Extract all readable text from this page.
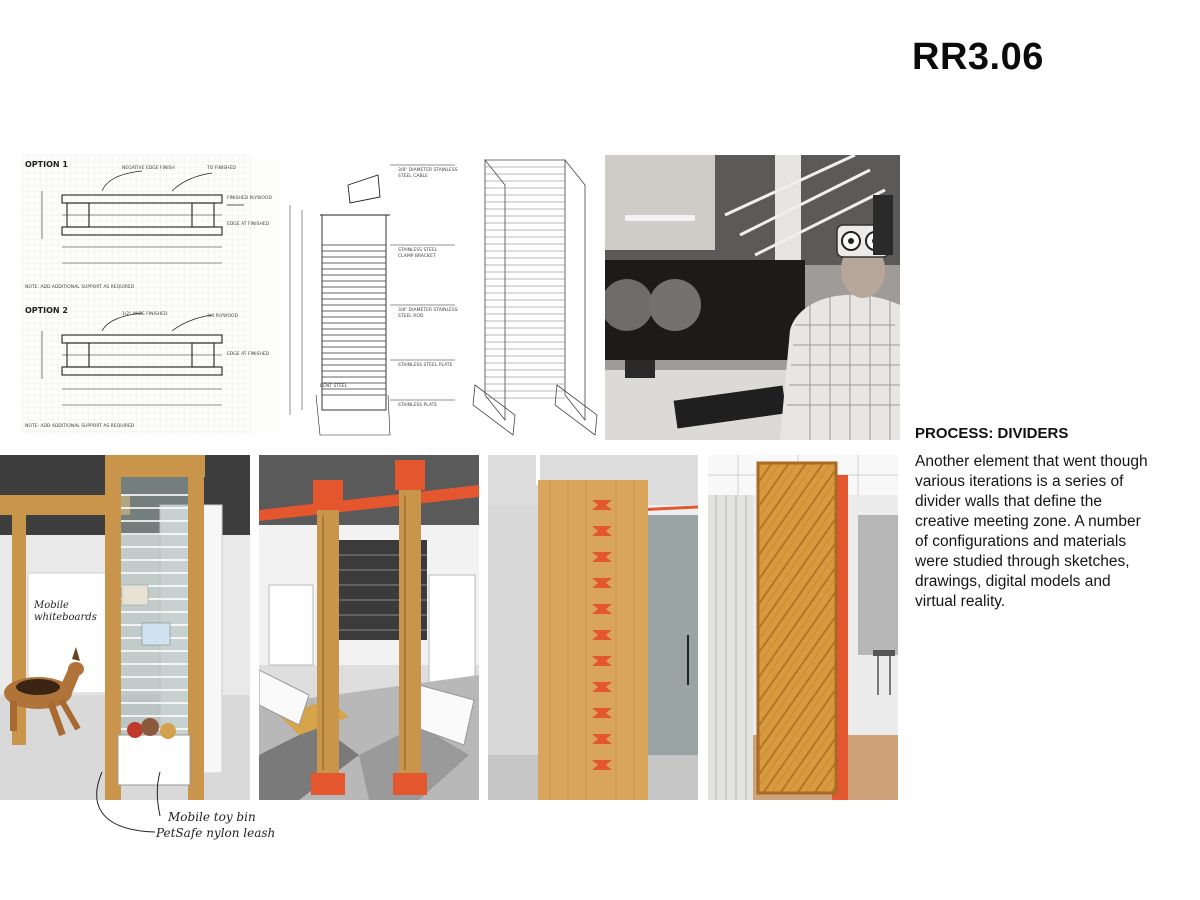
RR3.06
OPTION 1	NEGATIVE EDGE FINISH	TO FINISHED
FINISHED PLYWOOD
EDGE AT FINISHED
NOTE: ADD ADDITIONAL SUPPORT AS REQUIRED
OPTION 2	1/2" WIDE FINISHED	3/4 PLYWOOD
EDGE AT FINISHED
NOTE: ADD ADDITIONAL SUPPORT AS REQUIRED
3/8" DIAMETER STAINLESS
STEEL CABLE
STAINLESS STEEL
CLAMP BRACKET
3/8" DIAMETER STAINLESS
STEEL ROD
STAINLESS STEEL PLATE
STAINLESS PLATE
BENT STEEL
Mobile whiteboards
Mobile toy bin
PetSafe nylon leash
PROCESS: DIVIDERS
Another element that went though various iterations is a series of divider walls that define the creative meeting zone. A number of configurations and materials were studied through sketches, drawings, digital models and virtual reality.
